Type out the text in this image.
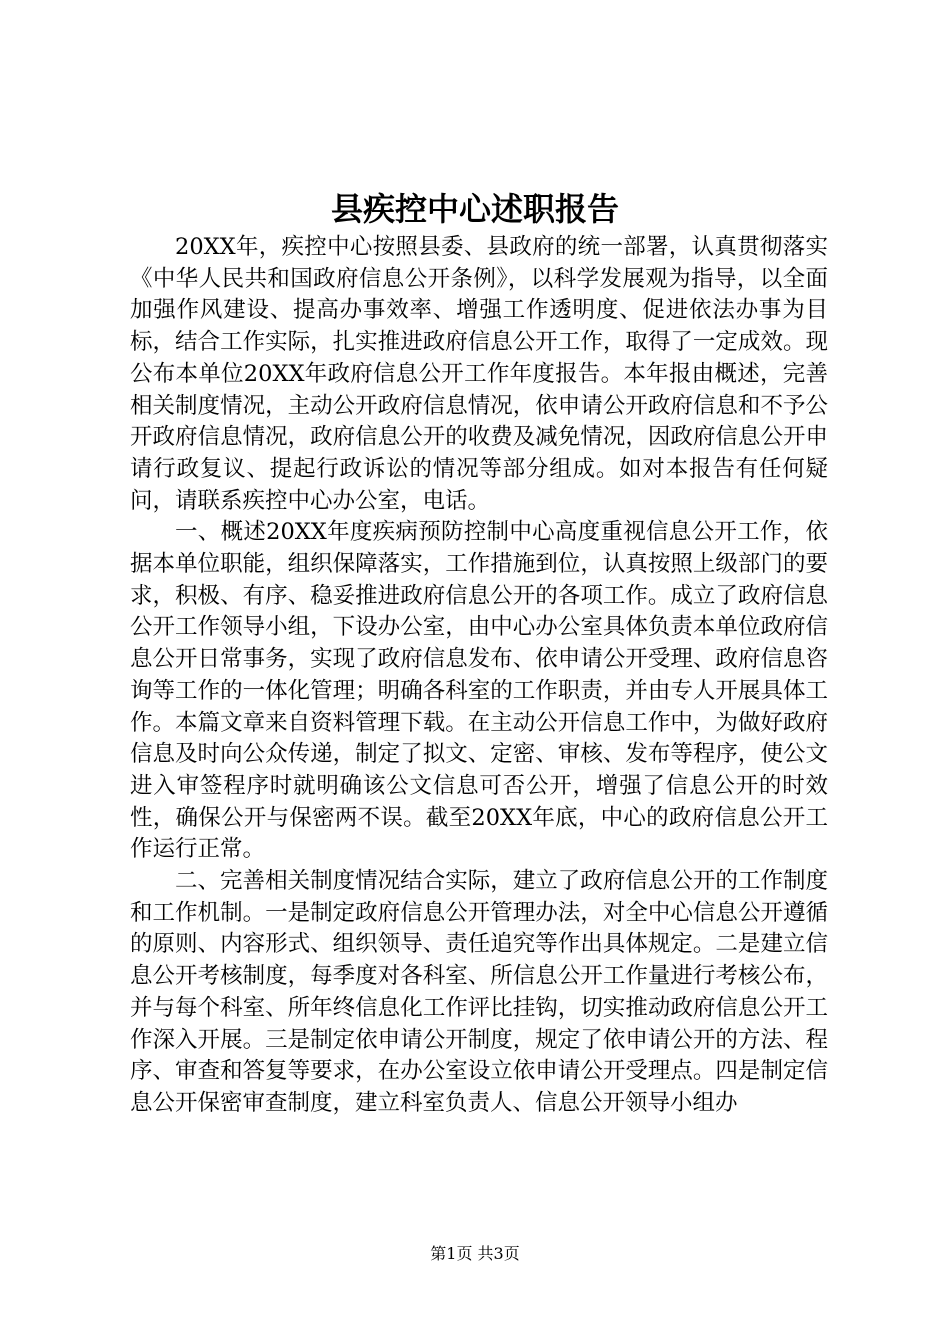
县疾控中心述职报告

20XX年，疾控中心按照县委、县政府的统一部署，认真贯彻落实《中华人民共和国政府信息公开条例》，以科学发展观为指导，以全面加强作风建设、提高办事效率、增强工作透明度、促进依法办事为目标，结合工作实际，扎实推进政府信息公开工作，取得了一定成效。现公布本单位20XX年政府信息公开工作年度报告。本年报由概述，完善相关制度情况，主动公开政府信息情况，依申请公开政府信息和不予公开政府信息情况，政府信息公开的收费及减免情况，因政府信息公开申请行政复议、提起行政诉讼的情况等部分组成。如对本报告有任何疑问，请联系疾控中心办公室，电话。

一、概述20XX年度疾病预防控制中心高度重视信息公开工作，依据本单位职能，组织保障落实，工作措施到位，认真按照上级部门的要求，积极、有序、稳妥推进政府信息公开的各项工作。成立了政府信息公开工作领导小组，下设办公室，由中心办公室具体负责本单位政府信息公开日常事务，实现了政府信息发布、依申请公开受理、政府信息咨询等工作的一体化管理；明确各科室的工作职责，并由专人开展具体工作。本篇文章来自资料管理下载。在主动公开信息工作中，为做好政府信息及时向公众传递，制定了拟文、定密、审核、发布等程序，使公文进入审签程序时就明确该公文信息可否公开，增强了信息公开的时效性，确保公开与保密两不误。截至20XX年底，中心的政府信息公开工作运行正常。

二、完善相关制度情况结合实际，建立了政府信息公开的工作制度和工作机制。一是制定政府信息公开管理办法，对全中心信息公开遵循的原则、内容形式、组织领导、责任追究等作出具体规定。二是建立信息公开考核制度，每季度对各科室、所信息公开工作量进行考核公布，并与每个科室、所年终信息化工作评比挂钩，切实推动政府信息公开工作深入开展。三是制定依申请公开制度，规定了依申请公开的方法、程序、审查和答复等要求，在办公室设立依申请公开受理点。四是制定信息公开保密审查制度，建立科室负责人、信息公开领导小组办

第1页 共3页
